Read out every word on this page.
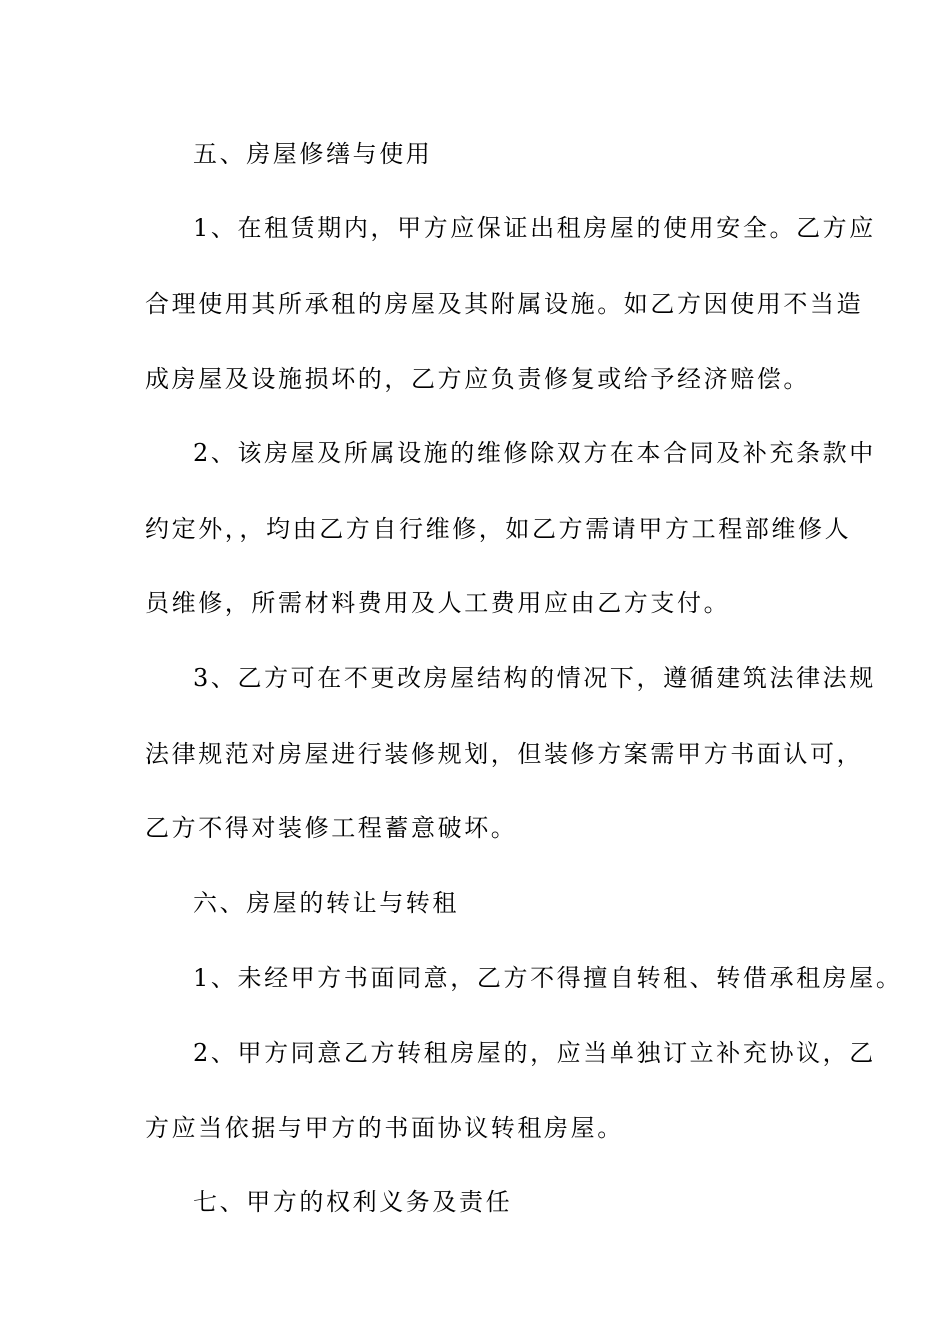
五、房屋修缮与使用
1、在租赁期内，甲方应保证出租房屋的使用安全。乙方应
合理使用其所承租的房屋及其附属设施。如乙方因使用不当造
成房屋及设施损坏的，乙方应负责修复或给予经济赔偿。
2、该房屋及所属设施的维修除双方在本合同及补充条款中
约定外，，均由乙方自行维修，如乙方需请甲方工程部维修人
员维修，所需材料费用及人工费用应由乙方支付。
3、乙方可在不更改房屋结构的情况下，遵循建筑法律法规
法律规范对房屋进行装修规划，但装修方案需甲方书面认可，
乙方不得对装修工程蓄意破坏。
六、房屋的转让与转租
1、未经甲方书面同意，乙方不得擅自转租、转借承租房屋。
2、甲方同意乙方转租房屋的，应当单独订立补充协议，乙
方应当依据与甲方的书面协议转租房屋。
七、甲方的权利义务及责任
